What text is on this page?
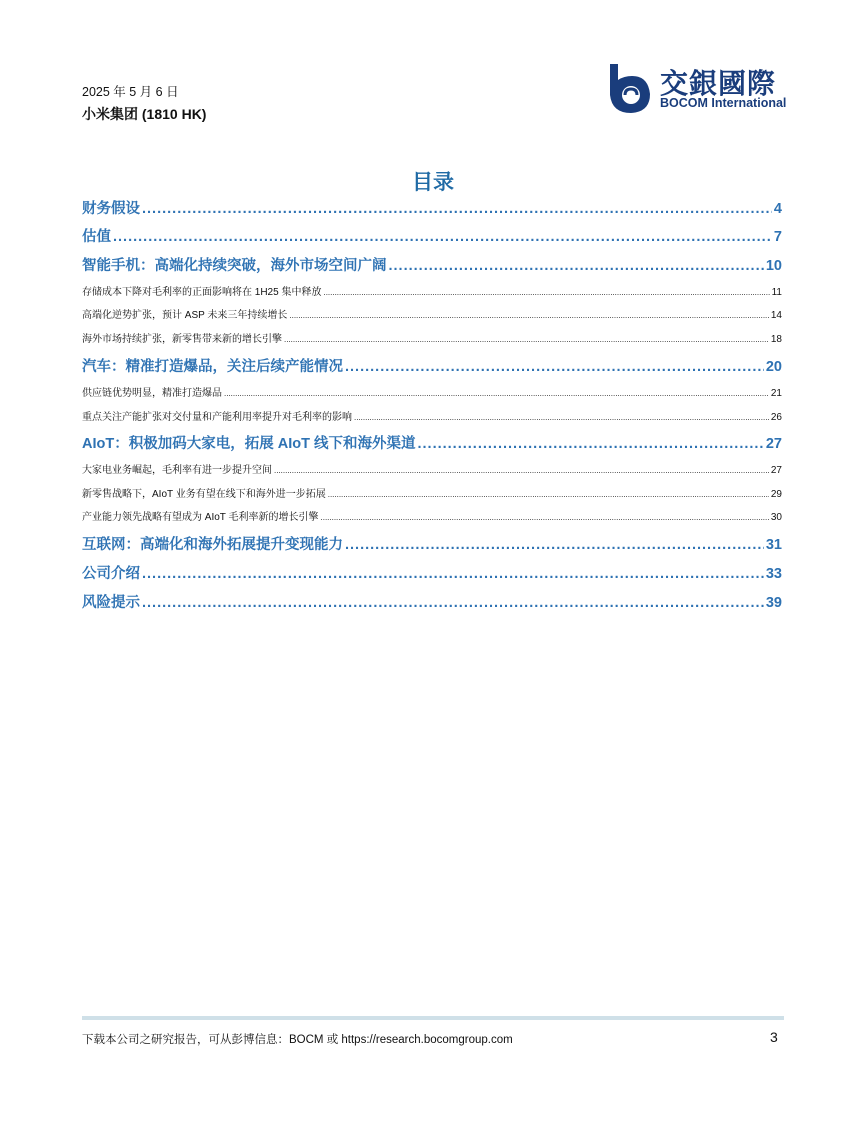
2025 年 5 月 6 日
小米集团 (1810 HK)
交銀國際
BOCOM International
目录
财务假设 .....	4
估值 .....	7
智能手机：高端化持续突破，海外市场空间广阔 .....	10
存储成本下降对毛利率的正面影响将在 1H25 集中释放 .....	11
高端化逆势扩张，预计 ASP 未来三年持续增长 .....	14
海外市场持续扩张，新零售带来新的增长引擎 .....	18
汽车：精准打造爆品，关注后续产能情况 .....	20
供应链优势明显，精准打造爆品 .....	21
重点关注产能扩张对交付量和产能利用率提升对毛利率的影响 .....	26
AIoT：积极加码大家电，拓展 AIoT 线下和海外渠道 .....	27
大家电业务崛起，毛利率有进一步提升空间 .....	27
新零售战略下，AIoT 业务有望在线下和海外进一步拓展 .....	29
产业能力领先战略有望成为 AIoT 毛利率新的增长引擎 .....	30
互联网：高端化和海外拓展提升变现能力 .....	31
公司介绍 .....	33
风险提示 .....	39
下载本公司之研究报告，可从彭博信息：BOCM 或 https://research.bocomgroup.com	3
